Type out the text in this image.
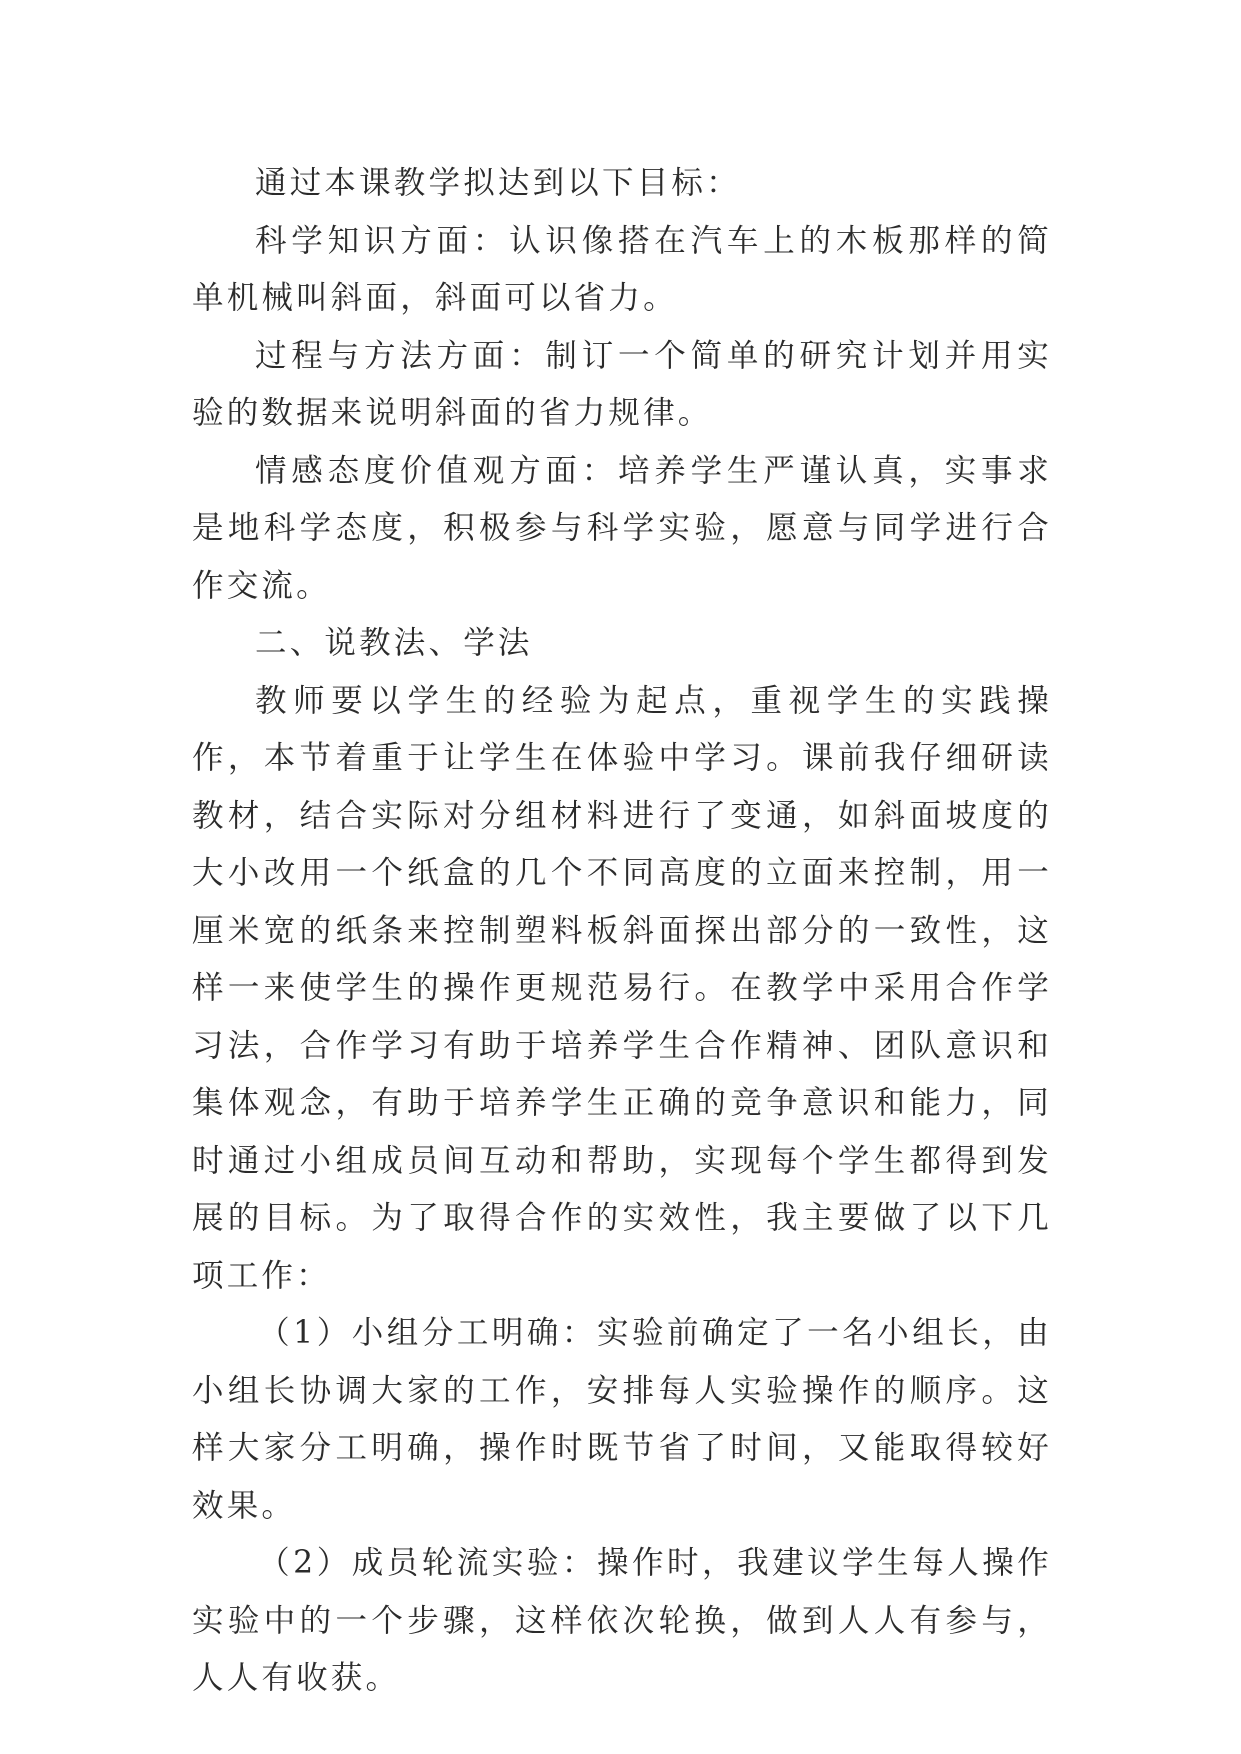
通过本课教学拟达到以下目标：

科学知识方面：认识像搭在汽车上的木板那样的简单机械叫斜面，斜面可以省力。

过程与方法方面：制订一个简单的研究计划并用实验的数据来说明斜面的省力规律。

情感态度价值观方面：培养学生严谨认真，实事求是地科学态度，积极参与科学实验，愿意与同学进行合作交流。

二、说教法、学法

教师要以学生的经验为起点，重视学生的实践操作，本节着重于让学生在体验中学习。课前我仔细研读教材，结合实际对分组材料进行了变通，如斜面坡度的大小改用一个纸盒的几个不同高度的立面来控制，用一厘米宽的纸条来控制塑料板斜面探出部分的一致性，这样一来使学生的操作更规范易行。在教学中采用合作学习法，合作学习有助于培养学生合作精神、团队意识和集体观念，有助于培养学生正确的竞争意识和能力，同时通过小组成员间互动和帮助，实现每个学生都得到发展的目标。为了取得合作的实效性，我主要做了以下几项工作：

（1）小组分工明确：实验前确定了一名小组长，由小组长协调大家的工作，安排每人实验操作的顺序。这样大家分工明确，操作时既节省了时间，又能取得较好效果。

（2）成员轮流实验：操作时，我建议学生每人操作实验中的一个步骤，这样依次轮换，做到人人有参与，人人有收获。
